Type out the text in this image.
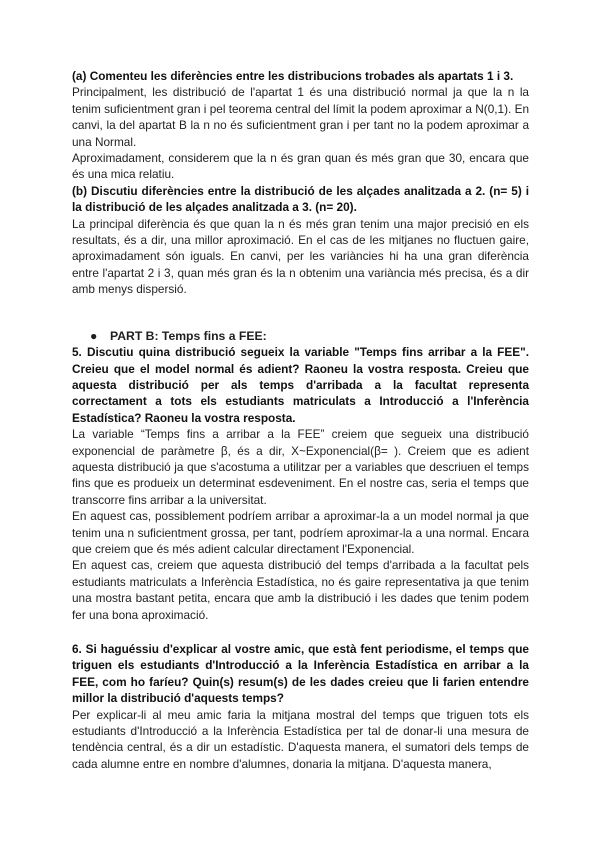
(a) Comenteu les diferències entre les distribucions trobades als apartats 1 i 3.

Principalment, les distribució de l'apartat 1 és una distribució normal ja que la n la tenim suficientment gran i pel teorema central del límit la podem aproximar a N(0,1). En canvi, la del apartat B la n no és suficientment gran i per tant no la podem aproximar a una Normal.

Aproximadament, considerem que la n és gran quan és més gran que 30, encara que és una mica relatiu.

(b) Discutiu diferències entre la distribució de les alçades analitzada a 2. (n= 5) i la distribució de les alçades analitzada a 3. (n= 20).

La principal diferència és que quan la n és més gran tenim una major precisió en els resultats, és a dir, una millor aproximació. En el cas de les mitjanes no fluctuen gaire, aproximadament són iguals. En canvi, per les variàncies hi ha una gran diferència entre l'apartat 2 i 3, quan més gran és la n obtenim una variància més precisa, és a dir amb menys dispersió.

● PART B: Temps fins a FEE:

5. Discutiu quina distribució segueix la variable "Temps fins arribar a la FEE". Creieu que el model normal és adient? Raoneu la vostra resposta. Creieu que aquesta distribució per als temps d'arribada a la facultat representa correctament a tots els estudiants matriculats a Introducció a l'Inferència Estadística? Raoneu la vostra resposta.

La variable “Temps fins a arribar a la FEE” creiem que segueix una distribució exponencial de paràmetre β, és a dir, X~Exponencial(β= ). Creiem que es adient aquesta distribució ja que s'acostuma a utilitzar per a variables que descriuen el temps fins que es produeix un determinat esdeveniment. En el nostre cas, seria el temps que transcorre fins arribar a la universitat.

En aquest cas, possiblement podríem arribar a aproximar-la a un model normal ja que tenim una n suficientment grossa, per tant, podríem aproximar-la a una normal. Encara que creiem que és més adient calcular directament l'Exponencial.

En aquest cas, creiem que aquesta distribució del temps d'arribada a la facultat pels estudiants matriculats a Inferència Estadística, no és gaire representativa ja que tenim una mostra bastant petita, encara que amb la distribució i les dades que tenim podem fer una bona aproximació.

6. Si haguéssiu d'explicar al vostre amic, que està fent periodisme, el temps que triguen els estudiants d'Introducció a la Inferència Estadística en arribar a la FEE, com ho faríeu? Quin(s) resum(s) de les dades creieu que li farien entendre millor la distribució d'aquests temps?

Per explicar-li al meu amic faria la mitjana mostral del temps que triguen tots els estudiants d'Introducció a la Inferència Estadística per tal de donar-li una mesura de tendència central, és a dir un estadístic. D'aquesta manera, el sumatori dels temps de cada alumne entre en nombre d'alumnes, donaria la mitjana. D'aquesta manera,
